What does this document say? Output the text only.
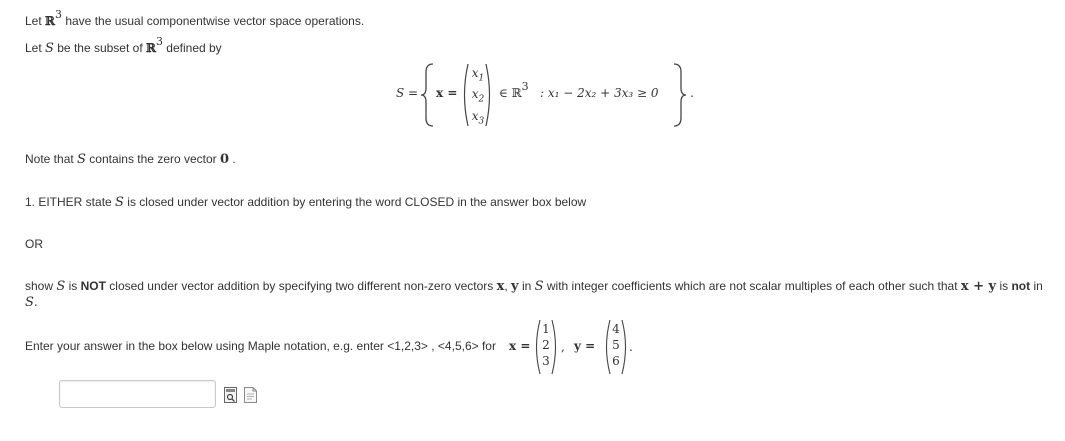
Let ℝ3 have the usual componentwise vector space operations.
Let S be the subset of ℝ3 defined by
S = x =
$x_1$
$x_2$
$x_3$
∈ ℝ3 : x₁ − 2x₂ + 3x₃ ≥ 0	.
Note that S contains the zero vector 0 .
1. EITHER state S is closed under vector addition by entering the word CLOSED in the answer box below
OR
show S is NOT closed under vector addition by specifying two different non-zero vectors x, y in S with integer coefficients which are not scalar multiples of each other such that x + y is not in
S.
Enter your answer in the box below using Maple notation, e.g. enter <1,2,3> , <4,5,6> for x =
1
2
3
, y =
4
5
6
.
